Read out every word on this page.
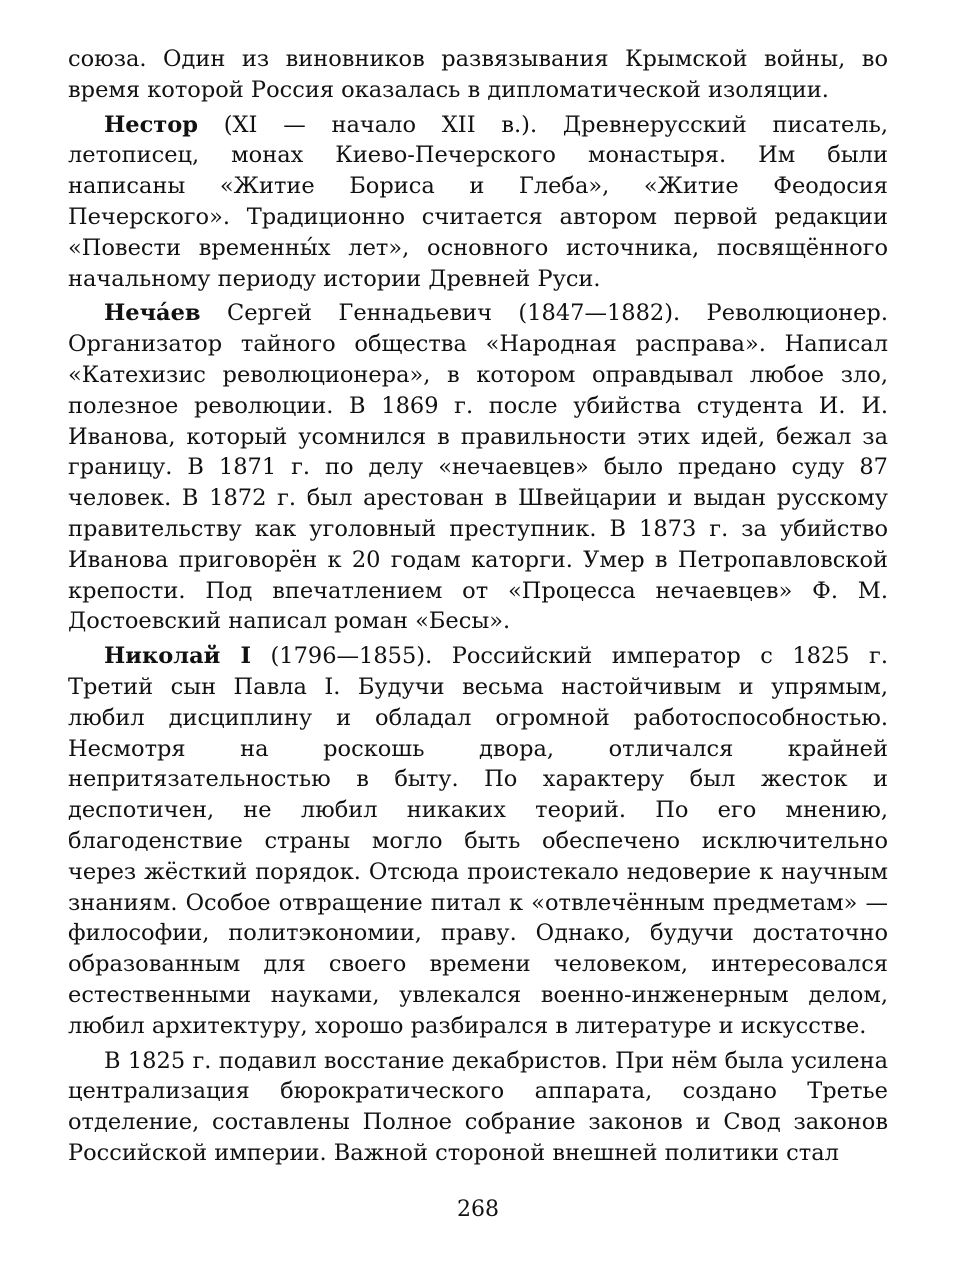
союза. Один из виновников развязывания Крымской войны, во время которой Россия оказалась в дипломатической изоляции.

Нестор (XI — начало XII в.). Древнерусский писатель, летописец, монах Киево-Печерского монастыря. Им были написаны «Житие Бориса и Глеба», «Житие Феодосия Печерского». Традиционно считается автором первой редакции «Повести временны́х лет», основного источника, посвящённого начальному периоду истории Древней Руси.

Неча́ев Сергей Геннадьевич (1847—1882). Революционер. Организатор тайного общества «Народная расправа». Написал «Катехизис революционера», в котором оправдывал любое зло, полезное революции. В 1869 г. после убийства студента И. И. Иванова, который усомнился в правильности этих идей, бежал за границу. В 1871 г. по делу «нечаевцев» было предано суду 87 человек. В 1872 г. был арестован в Швейцарии и выдан русскому правительству как уголовный преступник. В 1873 г. за убийство Иванова приговорён к 20 годам каторги. Умер в Петропавловской крепости. Под впечатлением от «Процесса нечаевцев» Ф. М. Достоевский написал роман «Бесы».

Николай I (1796—1855). Российский император с 1825 г. Третий сын Павла I. Будучи весьма настойчивым и упрямым, любил дисциплину и обладал огромной работоспособностью. Несмотря на роскошь двора, отличался крайней непритязательностью в быту. По характеру был жесток и деспотичен, не любил никаких теорий. По его мнению, благоденствие страны могло быть обеспечено исключительно через жёсткий порядок. Отсюда проистекало недоверие к научным знаниям. Особое отвращение питал к «отвлечённым предметам» — философии, политэкономии, праву. Однако, будучи достаточно образованным для своего времени человеком, интересовался естественными науками, увлекался военно-инженерным делом, любил архитектуру, хорошо разбирался в литературе и искусстве.

В 1825 г. подавил восстание декабристов. При нём была усилена централизация бюрократического аппарата, создано Третье отделение, составлены Полное собрание законов и Свод законов Российской империи. Важной стороной внешней политики стал

268
